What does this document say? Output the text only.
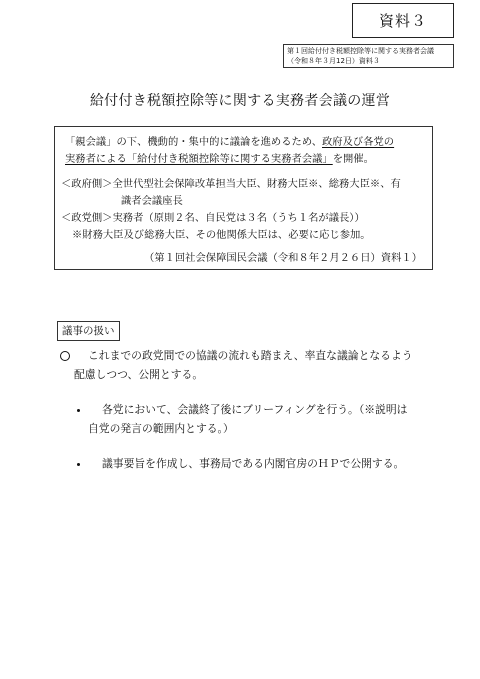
資料３
第１回給付付き税額控除等に関する実務者会議
（令和８年３月12日）資料３
給付付き税額控除等に関する実務者会議の運営
「親会議」の下、機動的・集中的に議論を進めるため、政府及び各党の
実務者による「給付付き税額控除等に関する実務者会議」を開催。
＜政府側＞全世代型社会保障改革担当大臣、財務大臣※、総務大臣※、有
識者会議座長
＜政党側＞実務者（原則２名、自民党は３名（うち１名が議長））
※財務大臣及び総務大臣、その他関係大臣は、必要に応じ参加。
（第１回社会保障国民会議（令和８年２月２６日）資料１）
議事の扱い
これまでの政党間での協議の流れも踏まえ、率直な議論となるよう
配慮しつつ、公開とする。
各党において、会議終了後にブリーフィングを行う。（※説明は
自党の発言の範囲内とする。）
議事要旨を作成し、事務局である内閣官房のＨＰで公開する。
